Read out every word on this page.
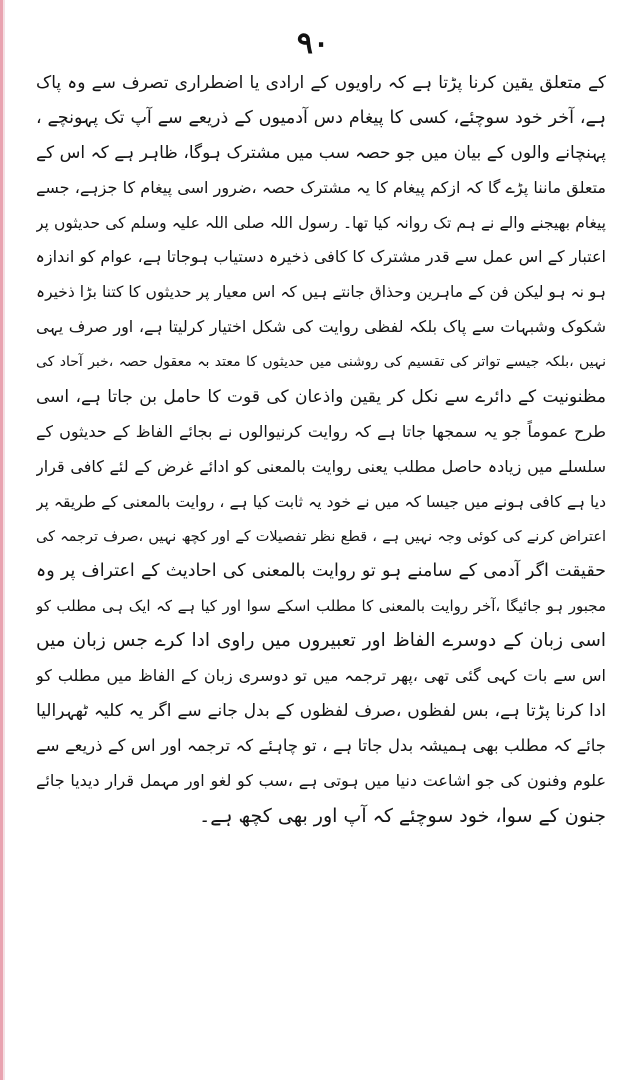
۹۰
کے متعلق یقین کرنا پڑتا ہے کہ راویوں کے ارادی یا اضطراری تصرف سے وہ پاک
ہے، آخر خود سوچئے، کسی کا پیغام دس آدمیوں کے ذریعے سے آپ تک پہونچے ،
پہنچانے والوں کے بیان میں جو حصہ سب میں مشترک ہوگا، ظاہر ہے کہ اس کے
متعلق ماننا پڑے گا کہ ازکم پیغام کا یہ مشترک حصہ ،ضرور اسی پیغام کا جزہے، جسے
پیغام بھیجنے والے نے ہم تک روانہ کیا تھا۔ رسول اللہ صلی اللہ علیہ وسلم کی حدیثوں پر
اعتبار کے اس عمل سے قدر مشترک کا کافی ذخیرہ دستیاب ہوجاتا ہے، عوام کو اندازہ
ہو نہ ہو لیکن فن کے ماہرین وحذاق جانتے ہیں کہ اس معیار پر حدیثوں کا کتنا بڑا ذخیرہ
شکوک وشبہات سے پاک بلکہ لفظی روایت کی شکل اختیار کرلیتا ہے، اور صرف یہی
نہیں ،بلکہ جیسے تواتر کی تقسیم کی روشنی میں حدیثوں کا معتد بہ معقول حصہ ،خبر آحاد کی
مظنونیت کے دائرے سے نکل کر یقین واذعان کی قوت کا حامل بن جاتا ہے، اسی
طرح عموماً جو یہ سمجھا جاتا ہے کہ روایت کرنیوالوں نے بجائے الفاظ کے حدیثوں کے
سلسلے میں زیادہ حاصل مطلب یعنی روایت بالمعنی کو ادائے غرض کے لئے کافی قرار
دیا ہے کافی ہونے میں جیسا کہ میں نے خود یہ ثابت کیا ہے ، روایت بالمعنی کے طریقہ پر
اعتراض کرنے کی کوئی وجہ نہیں ہے ، قطع نظر تفصیلات کے اور کچھ نہیں ،صرف ترجمہ کی
حقیقت اگر آدمی کے سامنے ہو تو روایت بالمعنی کی احادیث کے اعتراف پر وہ
مجبور ہو جائیگا ،آخر روایت بالمعنی کا مطلب اسکے سوا اور کیا ہے کہ ایک ہی مطلب کو
اسی زبان کے دوسرے الفاظ اور تعبیروں میں راوی ادا کرے جس زبان میں
اس سے بات کہی گئی تھی ،پھر ترجمہ میں تو دوسری زبان کے الفاظ میں مطلب کو
ادا کرنا پڑتا ہے، بس لفظوں ،صرف لفظوں کے بدل جانے سے اگر یہ کلیہ ٹھہرالیا
جائے کہ مطلب بھی ہمیشہ بدل جاتا ہے ، تو چاہئے کہ ترجمہ اور اس کے ذریعے سے
علوم وفنون کی جو اشاعت دنیا میں ہوتی ہے ،سب کو لغو اور مہمل قرار دیدیا جائے
جنون کے سوا، خود سوچئے کہ آپ اور بھی کچھ ہے۔
